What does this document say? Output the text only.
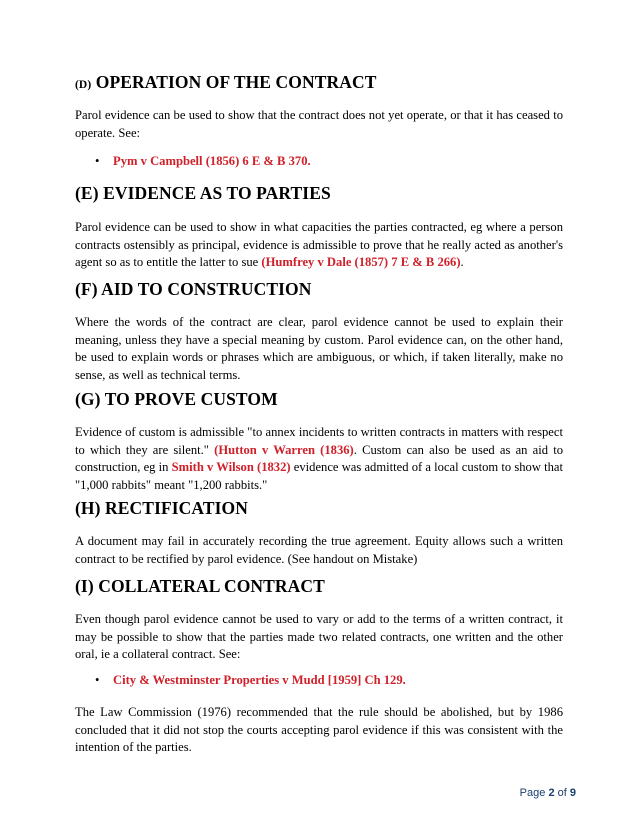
(D) OPERATION OF THE CONTRACT
Parol evidence can be used to show that the contract does not yet operate, or that it has ceased to
operate. See:
•	Pym v Campbell (1856) 6 E & B 370.
(E) EVIDENCE AS TO PARTIES
Parol evidence can be used to show in what capacities the parties contracted, eg where a person
contracts ostensibly as principal, evidence is admissible to prove that he really acted as another's
agent so as to entitle the latter to sue (Humfrey v Dale (1857) 7 E & B 266).
(F) AID TO CONSTRUCTION
Where the words of the contract are clear, parol evidence cannot be used to explain their
meaning, unless they have a special meaning by custom. Parol evidence can, on the other hand,
be used to explain words or phrases which are ambiguous, or which, if taken literally, make no
sense, as well as technical terms.
(G) TO PROVE CUSTOM
Evidence of custom is admissible "to annex incidents to written contracts in matters with respect
to which they are silent." (Hutton v Warren (1836). Custom can also be used as an aid to
construction, eg in Smith v Wilson (1832) evidence was admitted of a local custom to show that
"1,000 rabbits" meant "1,200 rabbits."
(H) RECTIFICATION
A document may fail in accurately recording the true agreement. Equity allows such a written
contract to be rectified by parol evidence. (See handout on Mistake)
(I) COLLATERAL CONTRACT
Even though parol evidence cannot be used to vary or add to the terms of a written contract, it
may be possible to show that the parties made two related contracts, one written and the other
oral, ie a collateral contract. See:
•	City & Westminster Properties v Mudd [1959] Ch 129.
The Law Commission (1976) recommended that the rule should be abolished, but by 1986
concluded that it did not stop the courts accepting parol evidence if this was consistent with the
intention of the parties.
Page 2 of 9
